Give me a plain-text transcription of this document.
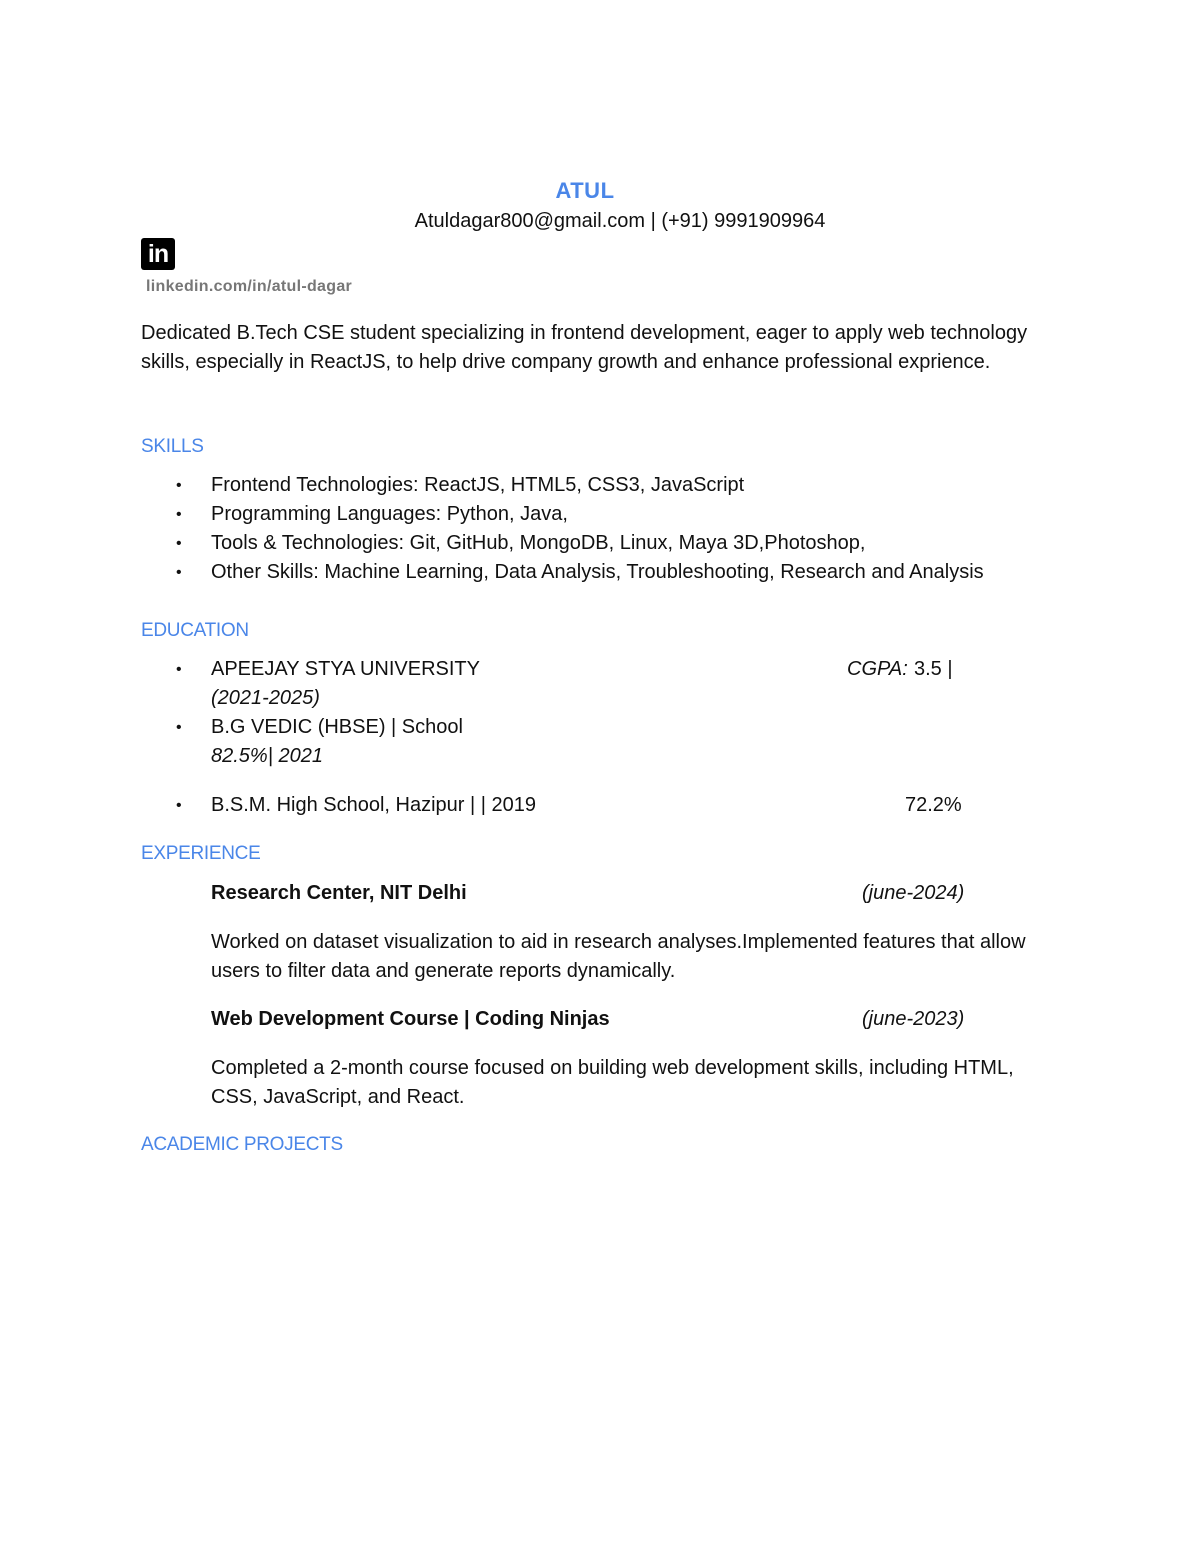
ATUL
Atuldagar800@gmail.com | (+91) 9991909964
in
linkedin.com/in/atul-dagar
Dedicated B.Tech CSE student specializing in frontend development, eager to apply web technology skills, especially in ReactJS, to help drive company growth and enhance professional exprience.
SKILLS
• Frontend Technologies: ReactJS, HTML5, CSS3, JavaScript
• Programming Languages: Python, Java,
• Tools & Technologies: Git, GitHub, MongoDB, Linux, Maya 3D,Photoshop,
• Other Skills: Machine Learning, Data Analysis, Troubleshooting, Research and Analysis
EDUCATION
• APEEJAY STYA UNIVERSITY	CGPA: 3.5 |
(2021-2025)
• B.G VEDIC (HBSE) | School
82.5%| 2021
• B.S.M. High School, Hazipur | | 2019	72.2%
EXPERIENCE
Research Center, NIT Delhi	(june-2024)
Worked on dataset visualization to aid in research analyses.Implemented features that allow users to filter data and generate reports dynamically.
Web Development Course | Coding Ninjas	(june-2023)
Completed a 2-month course focused on building web development skills, including HTML, CSS, JavaScript, and React.
ACADEMIC PROJECTS
